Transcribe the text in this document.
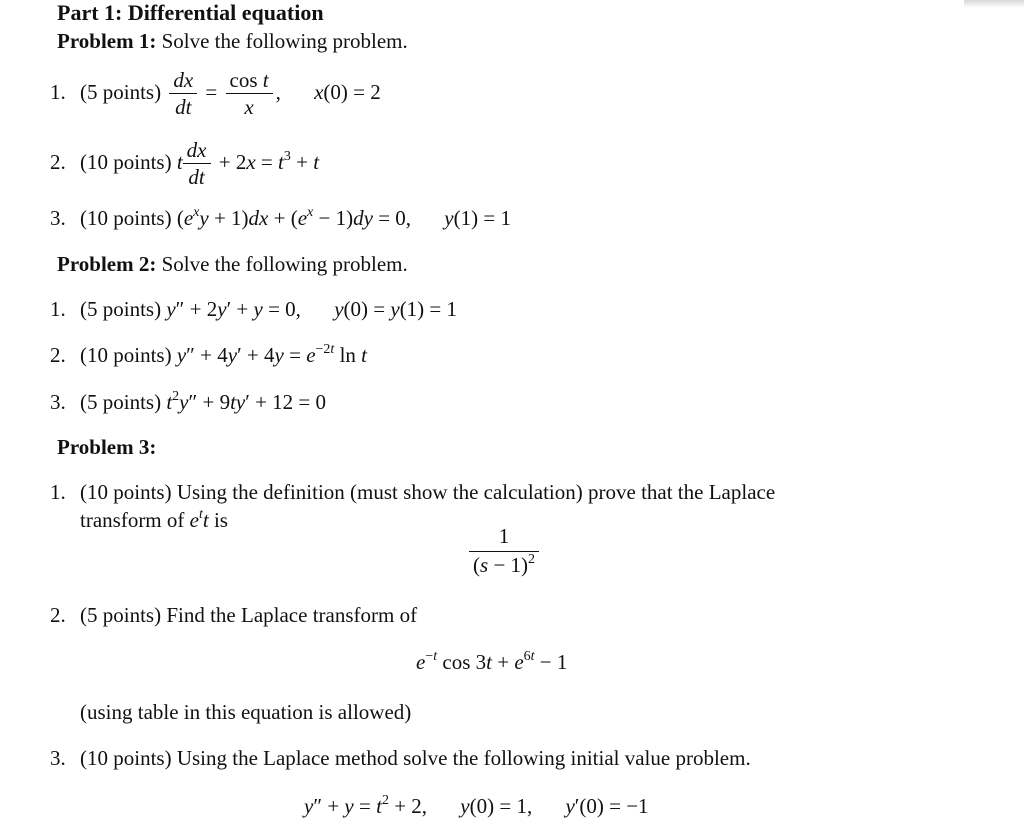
Part 1: Differential equation
Problem 1: Solve the following problem.
1. (5 points) $\frac{dx}{dt} = \frac{\text{cos t}}{x}$ , x(0) = 2
2. (10 points) t $\frac{dx}{dt} + 2x = t^3 + t$
3. (10 points) $(e^xy + 1)dx + (e^x - 1)dy = 0$, y(1) = 1
Problem 2: Solve the following problem.
1. (5 points) y″ + 2y′ + y = 0, y(0) = y(1) = 1
2. (10 points) $y'' + 4y' + 4y = e^{-2t}$ ln t
3. (5 points) $t^2y'' + 9ty' + 12 = 0$
Problem 3:
1. (10 points) Using the definition (must show the calculation) prove that the Laplace
transform of $e^tt$ is
$\frac{1}{(s - 1)^2}$
2. (5 points) Find the Laplace transform of
$e^{-t}$ $\cos 3t + e^{6t} - 1$
(using table in this equation is allowed)
3. (10 points) Using the Laplace method solve the following initial value problem.
$y'' + y = t^2 + 2$, y(0) = 1, y′(0) = −1
